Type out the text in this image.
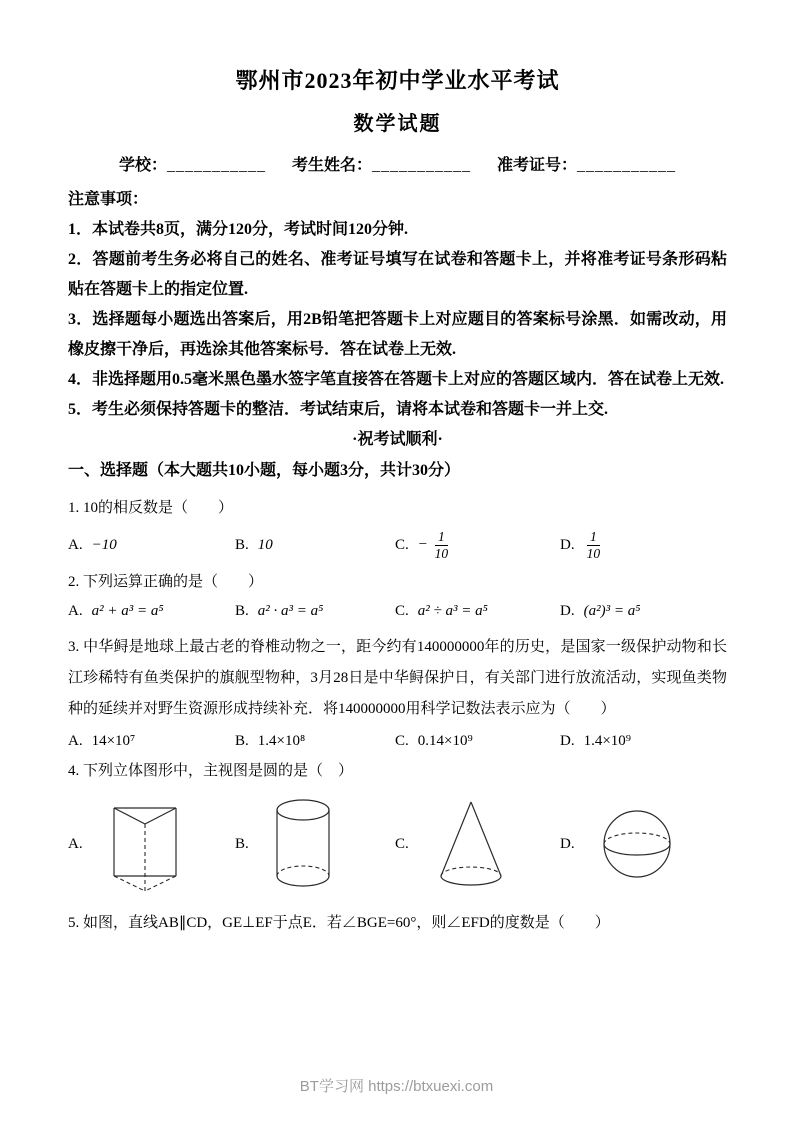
鄂州市2023年初中学业水平考试
数学试题
学校：___________ 考生姓名：___________ 准考证号：___________
注意事项：

1．本试卷共8页，满分120分，考试时间120分钟.

2．答题前考生务必将自己的姓名、准考证号填写在试卷和答题卡上，并将准考证号条形码粘贴在答题卡上的指定位置.

3．选择题每小题选出答案后，用2B铅笔把答题卡上对应题目的答案标号涂黑．如需改动，用橡皮擦干净后，再选涂其他答案标号．答在试卷上无效.

4．非选择题用0.5毫米黑色墨水签字笔直接答在答题卡上对应的答题区域内．答在试卷上无效.

5．考生必须保持答题卡的整洁．考试结束后，请将本试卷和答题卡一并上交.

·祝考试顺利·
一、选择题（本大题共10小题，每小题3分，共计30分）

1. 10的相反数是（　　）

A. −10	B. 10	C. − $\frac{1}{10}$	D. $\frac{1}{10}$

2. 下列运算正确的是（　　）

A. a² + a³ = a⁵	B. a² · a³ = a⁵	C. a² ÷ a³ = a⁵	D. (a²)³ = a⁵

3. 中华鲟是地球上最古老的脊椎动物之一，距今约有140000000年的历史，是国家一级保护动物和长江珍稀特有鱼类保护的旗舰型物种，3月28日是中华鲟保护日，有关部门进行放流活动，实现鱼类物种的延续并对野生资源形成持续补充．将140000000用科学记数法表示应为（　　）

A. 14×10⁷	B. 1.4×10⁸	C. 0.14×10⁹	D. 1.4×10⁹

4. 下列立体图形中，主视图是圆的是（　）

A.	B.	C.	D.

5. 如图，直线AB∥CD，GE⊥EF于点E．若∠BGE=60°，则∠EFD的度数是（　　）

BT学习网 https://btxuexi.com
